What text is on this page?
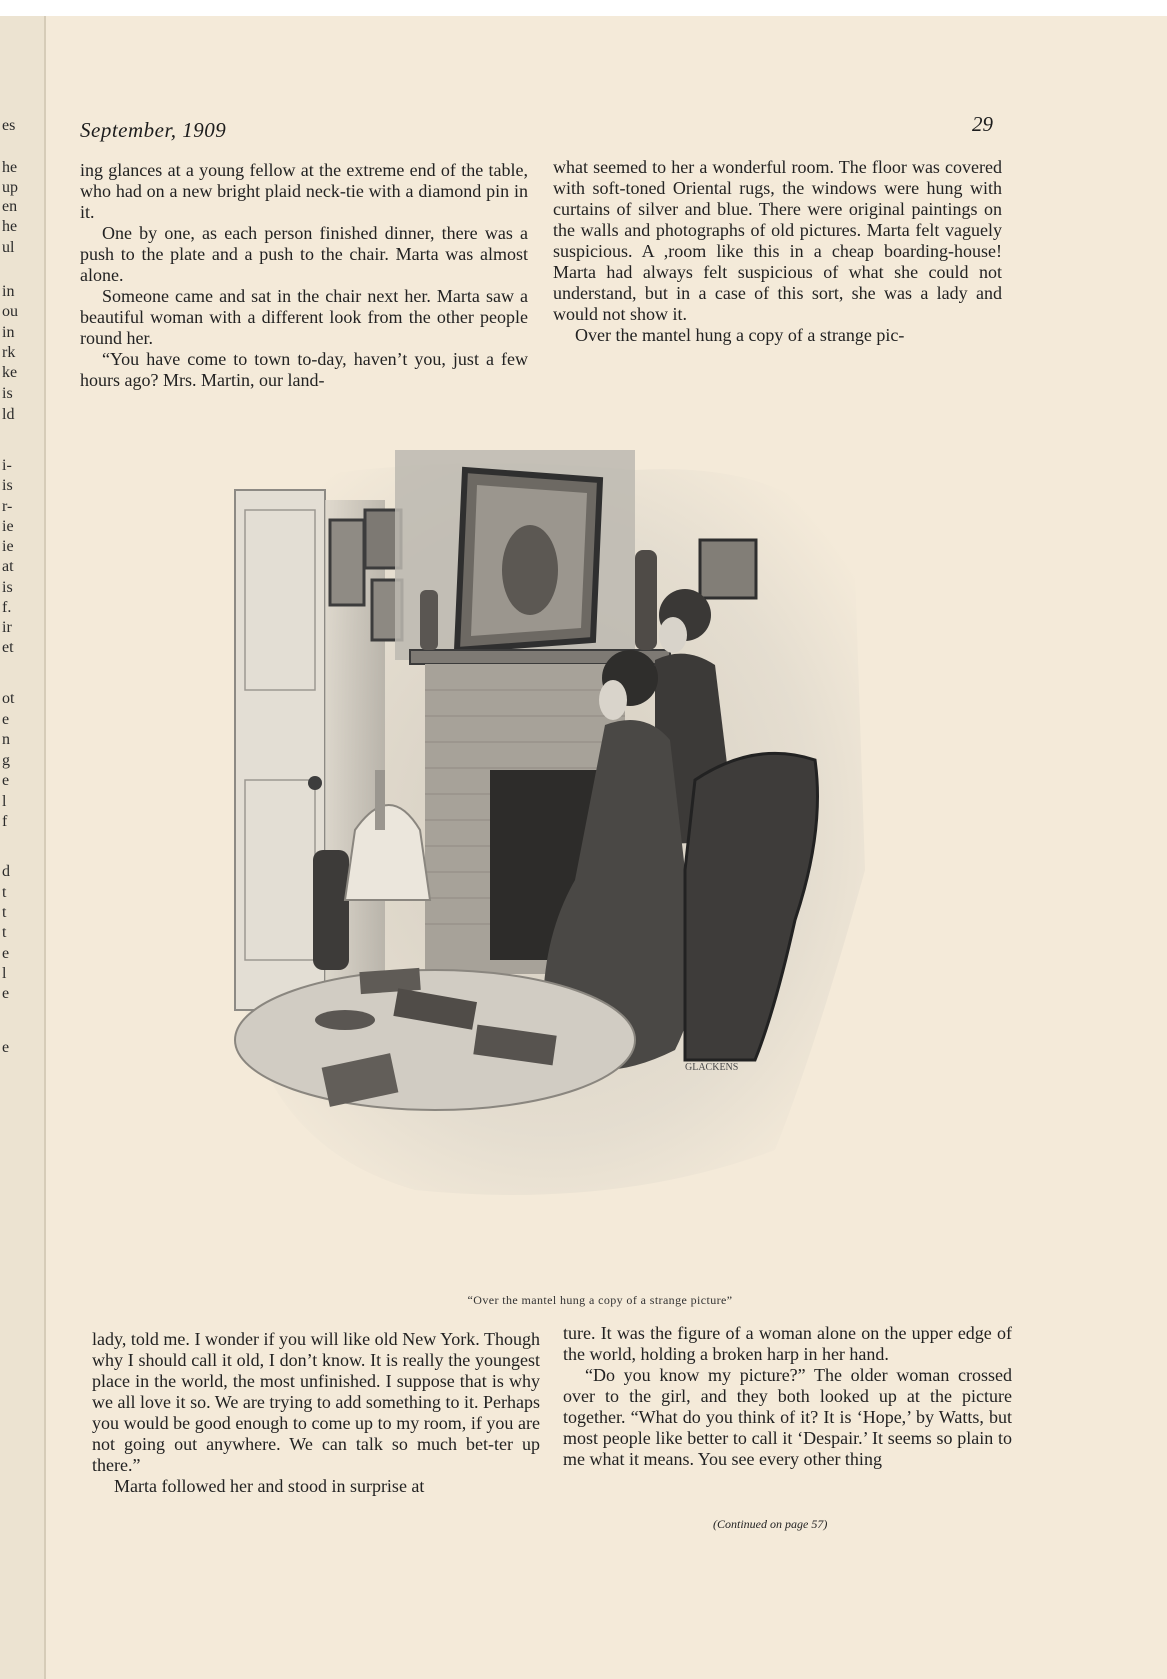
es
he
up
en
he
ul
in
ou
in
rk
ke
is
ld
i-
is
r-
ie
ie
at
is
f.
ir
et
ot
e
n
g
e
l
f
d
t
t
t
e
l
e
e
September, 1909	29

ing glances at a young fellow at the extreme end of the table, who had on a new bright plaid neck-tie with a diamond pin in it.

One by one, as each person finished dinner, there was a push to the plate and a push to the chair. Marta was almost alone.

Someone came and sat in the chair next her. Marta saw a beautiful woman with a different look from the other people round her.

“You have come to town to-day, haven’t you, just a few hours ago? Mrs. Martin, our land-

what seemed to her a wonderful room. The floor was covered with soft-toned Oriental rugs, the windows were hung with curtains of silver and blue. There were original paintings on the walls and photographs of old pictures. Marta felt vaguely suspicious. A ,room like this in a cheap boarding-house! Marta had always felt suspicious of what she could not understand, but in a case of this sort, she was a lady and would not show it.

Over the mantel hung a copy of a strange pic-

GLACKENS
“Over the mantel hung a copy of a strange picture”

lady, told me. I wonder if you will like old New York. Though why I should call it old, I don’t know. It is really the youngest place in the world, the most unfinished. I suppose that is why we all love it so. We are trying to add something to it. Perhaps you would be good enough to come up to my room, if you are not going out anywhere. We can talk so much bet-ter up there.”

Marta followed her and stood in surprise at

ture. It was the figure of a woman alone on the upper edge of the world, holding a broken harp in her hand.

“Do you know my picture?” The older woman crossed over to the girl, and they both looked up at the picture together. “What do you think of it? It is ‘Hope,’ by Watts, but most people like better to call it ‘Despair.’ It seems so plain to me what it means. You see every other thing

(Continued on page 57)
